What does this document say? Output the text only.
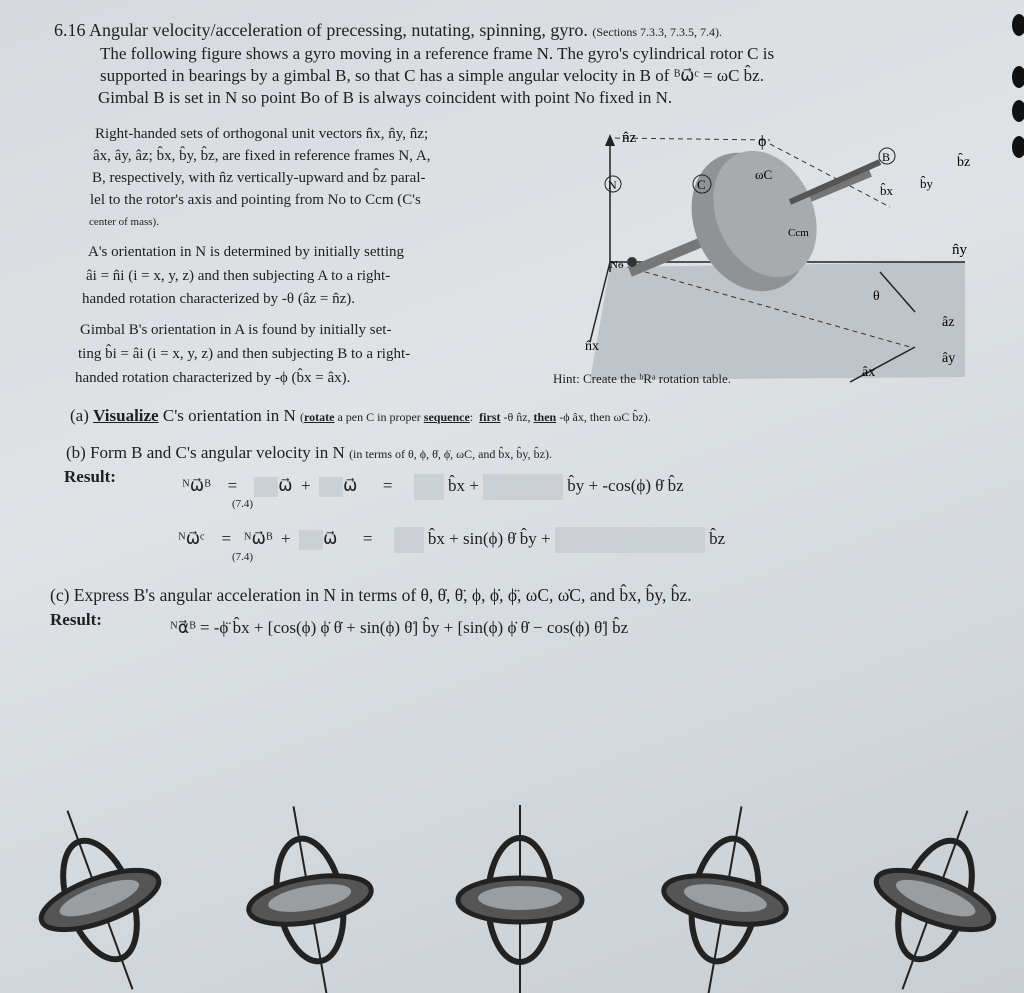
6.16 Angular velocity/acceleration of precessing, nutating, spinning, gyro. (Sections 7.3.3, 7.3.5, 7.4).
The following figure shows a gyro moving in a reference frame N. The gyro's cylindrical rotor C is
supported in bearings by a gimbal B, so that C has a simple angular velocity in B of ᴮω⃗ᶜ = ωC b̂z.
Gimbal B is set in N so point Bo of B is always coincident with point No fixed in N.
Right-handed sets of orthogonal unit vectors n̂x, n̂y, n̂z;
âx, ây, âz; b̂x, b̂y, b̂z, are fixed in reference frames N, A,
B, respectively, with n̂z vertically-upward and b̂z paral-
lel to the rotor's axis and pointing from No to Ccm (C's
center of mass).
A's orientation in N is determined by initially setting
âi = n̂i (i = x, y, z) and then subjecting A to a right-
handed rotation characterized by -θ (âz = n̂z).
Gimbal B's orientation in A is found by initially set-
ting b̂i = âi (i = x, y, z) and then subjecting B to a right-
handed rotation characterized by -ϕ (b̂x = âx).
n̂z	ϕ
B	b̂z
N	C
ωC
b̂x b̂y
Ccm
n̂y
No
θ
âz
n̂x
ây
âx
Hint: Create the ᵇRᵃ rotation table.
(a) Visualize C's orientation in N (rotate a pen C in proper sequence: first -θ n̂z, then -ϕ âx, then ωC b̂z).
(b) Form B and C's angular velocity in N (in terms of θ, ϕ, θ̇, ϕ̇, ωC, and b̂x, b̂y, b̂z).
Result:	ᴺω⃗ᴮ = ω⃗ + ω⃗ =	b̂x +	b̂y + -cos(ϕ) θ̇ b̂z
(7.4)
ᴺω⃗ᶜ = ᴺω⃗ᴮ + ω⃗ =	b̂x + sin(ϕ) θ̇ b̂y +	b̂z
(7.4)
(c) Express B's angular acceleration in N in terms of θ, θ̇, θ̈, ϕ, ϕ̇, ϕ̈, ωC, ω̇C, and b̂x, b̂y, b̂z.
Result:	ᴺα⃗ᴮ = -ϕ̈ b̂x + [cos(ϕ) ϕ̇ θ̇ + sin(ϕ) θ̈] b̂y + [sin(ϕ) ϕ̇ θ̇ − cos(ϕ) θ̈] b̂z
